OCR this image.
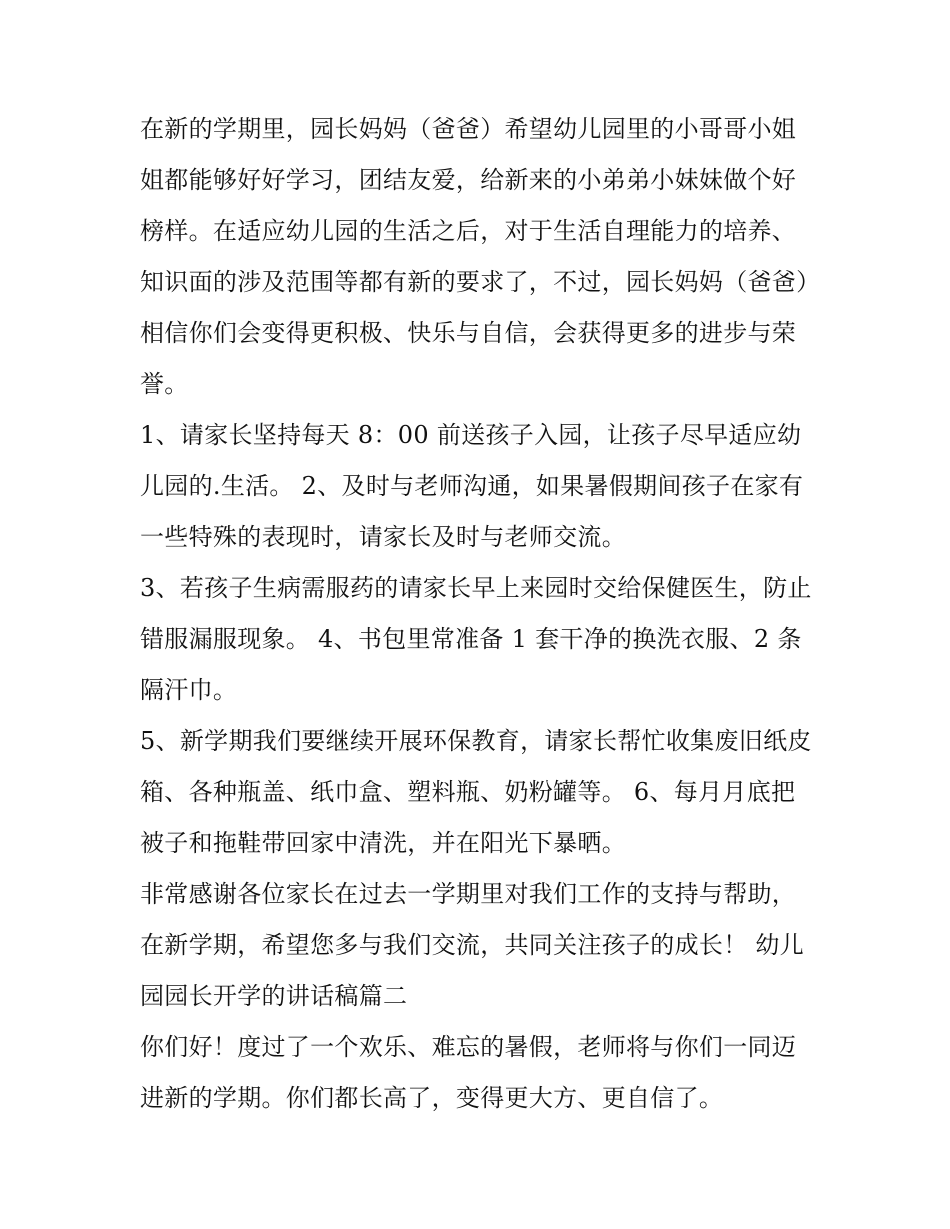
在新的学期里，园长妈妈（爸爸）希望幼儿园里的小哥哥小姐姐都能够好好学习，团结友爱，给新来的小弟弟小妹妹做个好榜样。在适应幼儿园的生活之后，对于生活自理能力的培养、知识面的涉及范围等都有新的要求了，不过，园长妈妈（爸爸）相信你们会变得更积极、快乐与自信，会获得更多的进步与荣誉。

1、请家长坚持每天 8：00 前送孩子入园，让孩子尽早适应幼儿园的.生活。 2、及时与老师沟通，如果暑假期间孩子在家有一些特殊的表现时，请家长及时与老师交流。

3、若孩子生病需服药的请家长早上来园时交给保健医生，防止错服漏服现象。 4、书包里常准备 1 套干净的换洗衣服、2 条隔汗巾。

5、新学期我们要继续开展环保教育，请家长帮忙收集废旧纸皮箱、各种瓶盖、纸巾盒、塑料瓶、奶粉罐等。 6、每月月底把被子和拖鞋带回家中清洗，并在阳光下暴晒。

非常感谢各位家长在过去一学期里对我们工作的支持与帮助，在新学期，希望您多与我们交流，共同关注孩子的成长！ 幼儿园园长开学的讲话稿篇二

你们好！度过了一个欢乐、难忘的暑假，老师将与你们一同迈进新的学期。你们都长高了，变得更大方、更自信了。
